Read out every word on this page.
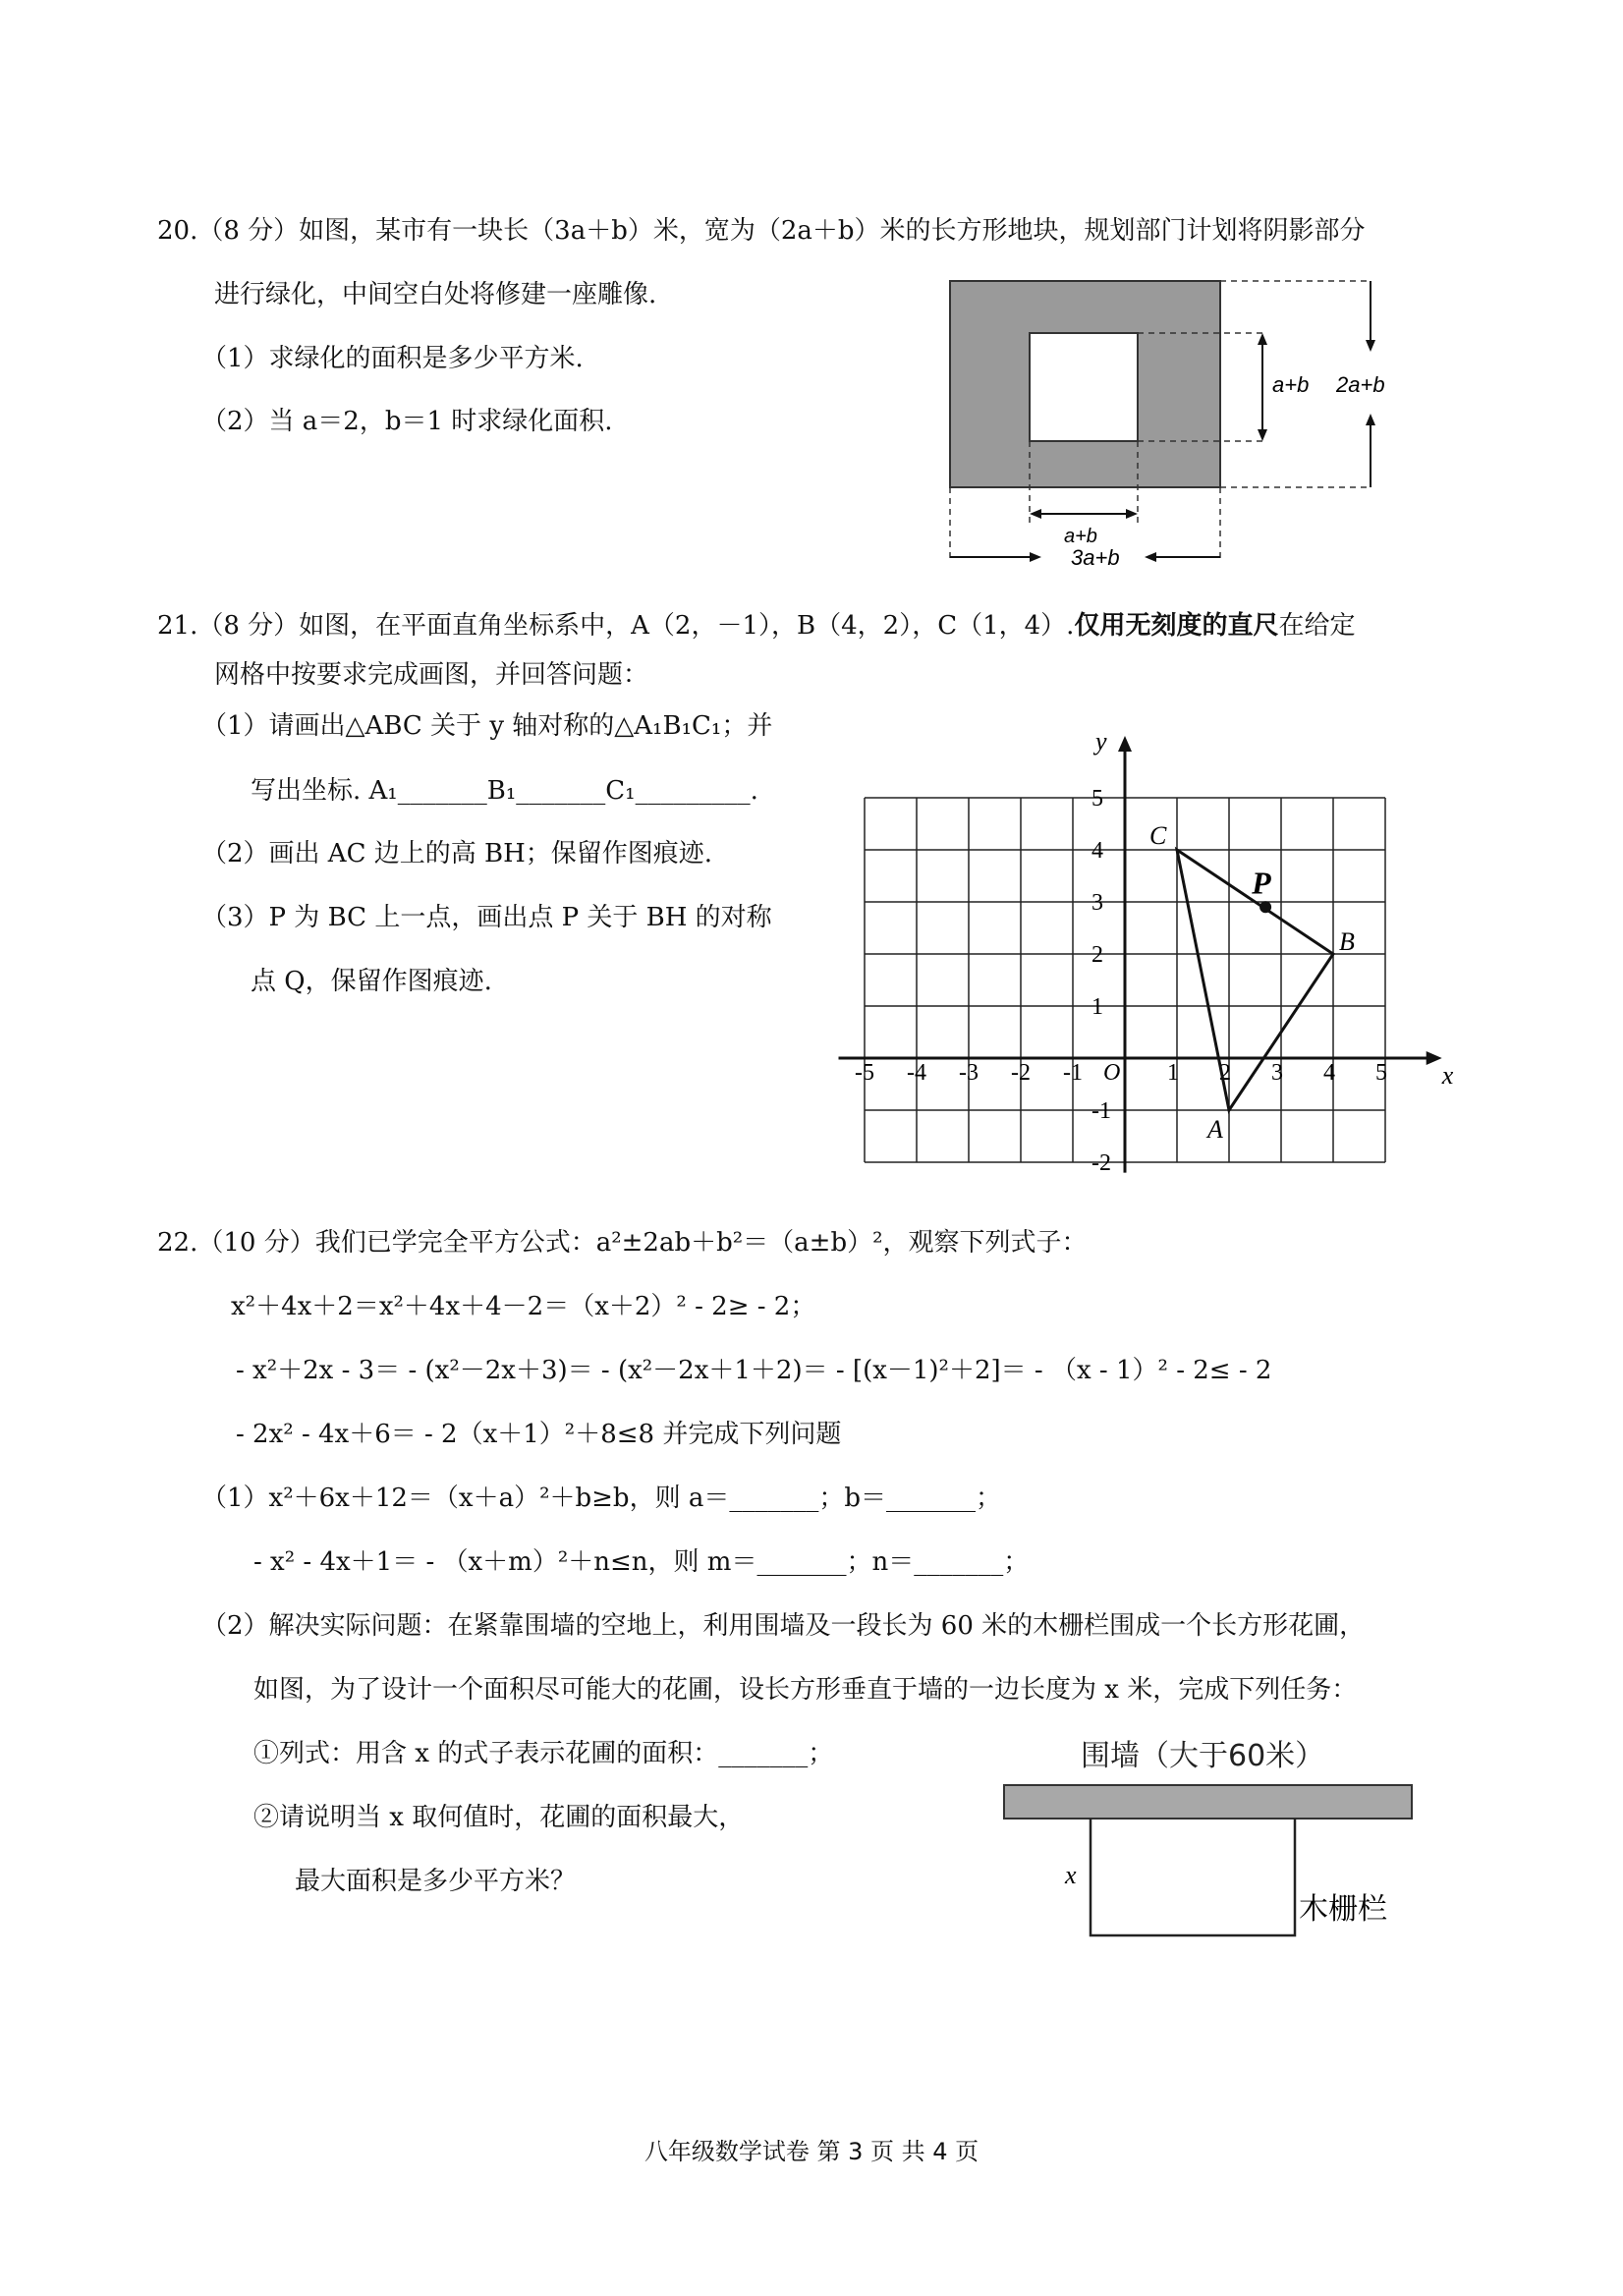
20.（8 分）如图，某市有一块长（3a＋b）米，宽为（2a＋b）米的长方形地块，规划部门计划将阴影部分
进行绿化，中间空白处将修建一座雕像.
（1）求绿化的面积是多少平方米.
（2）当 a＝2，b＝1 时求绿化面积.
a+b 2a+b
a+b
3a+b
21.（8 分）如图，在平面直角坐标系中，A（2，－1），B（4，2），C（1，4）.仅用无刻度的直尺在给定
网格中按要求完成画图，并回答问题：
（1）请画出△ABC 关于 y 轴对称的△A₁B₁C₁；并
写出坐标. A₁_______B₁_______C₁_________.
（2）画出 AC 边上的高 BH；保留作图痕迹.
（3）P 为 BC 上一点，画出点 P 关于 BH 的对称
点 Q，保留作图痕迹.
x
y
-5 -4 -3 -2 -1 O 1 2 3 4 5
5
4
3
2
1
-1
-2
A
B
C
P
22.（10 分）我们已学完全平方公式：a²±2ab＋b²＝（a±b）²，观察下列式子：
x²＋4x＋2＝x²＋4x＋4－2＝（x＋2）² - 2≥ - 2；
- x²＋2x - 3＝ - (x²－2x＋3)＝ - (x²－2x＋1＋2)＝ - [(x－1)²＋2]＝ - （x - 1）² - 2≤ - 2
- 2x² - 4x＋6＝ - 2（x＋1）²＋8≤8 并完成下列问题
（1）x²＋6x＋12＝（x＋a）²＋b≥b，则 a＝_______；b＝_______；
- x² - 4x＋1＝ - （x＋m）²＋n≤n，则 m＝_______；n＝_______；
（2）解决实际问题：在紧靠围墙的空地上，利用围墙及一段长为 60 米的木栅栏围成一个长方形花圃，
如图，为了设计一个面积尽可能大的花圃，设长方形垂直于墙的一边长度为 x 米，完成下列任务：
①列式：用含 x 的式子表示花圃的面积：_______；
②请说明当 x 取何值时，花圃的面积最大，
最大面积是多少平方米？
围墙（大于60米）
x
木栅栏
八年级数学试卷 第 3 页 共 4 页
